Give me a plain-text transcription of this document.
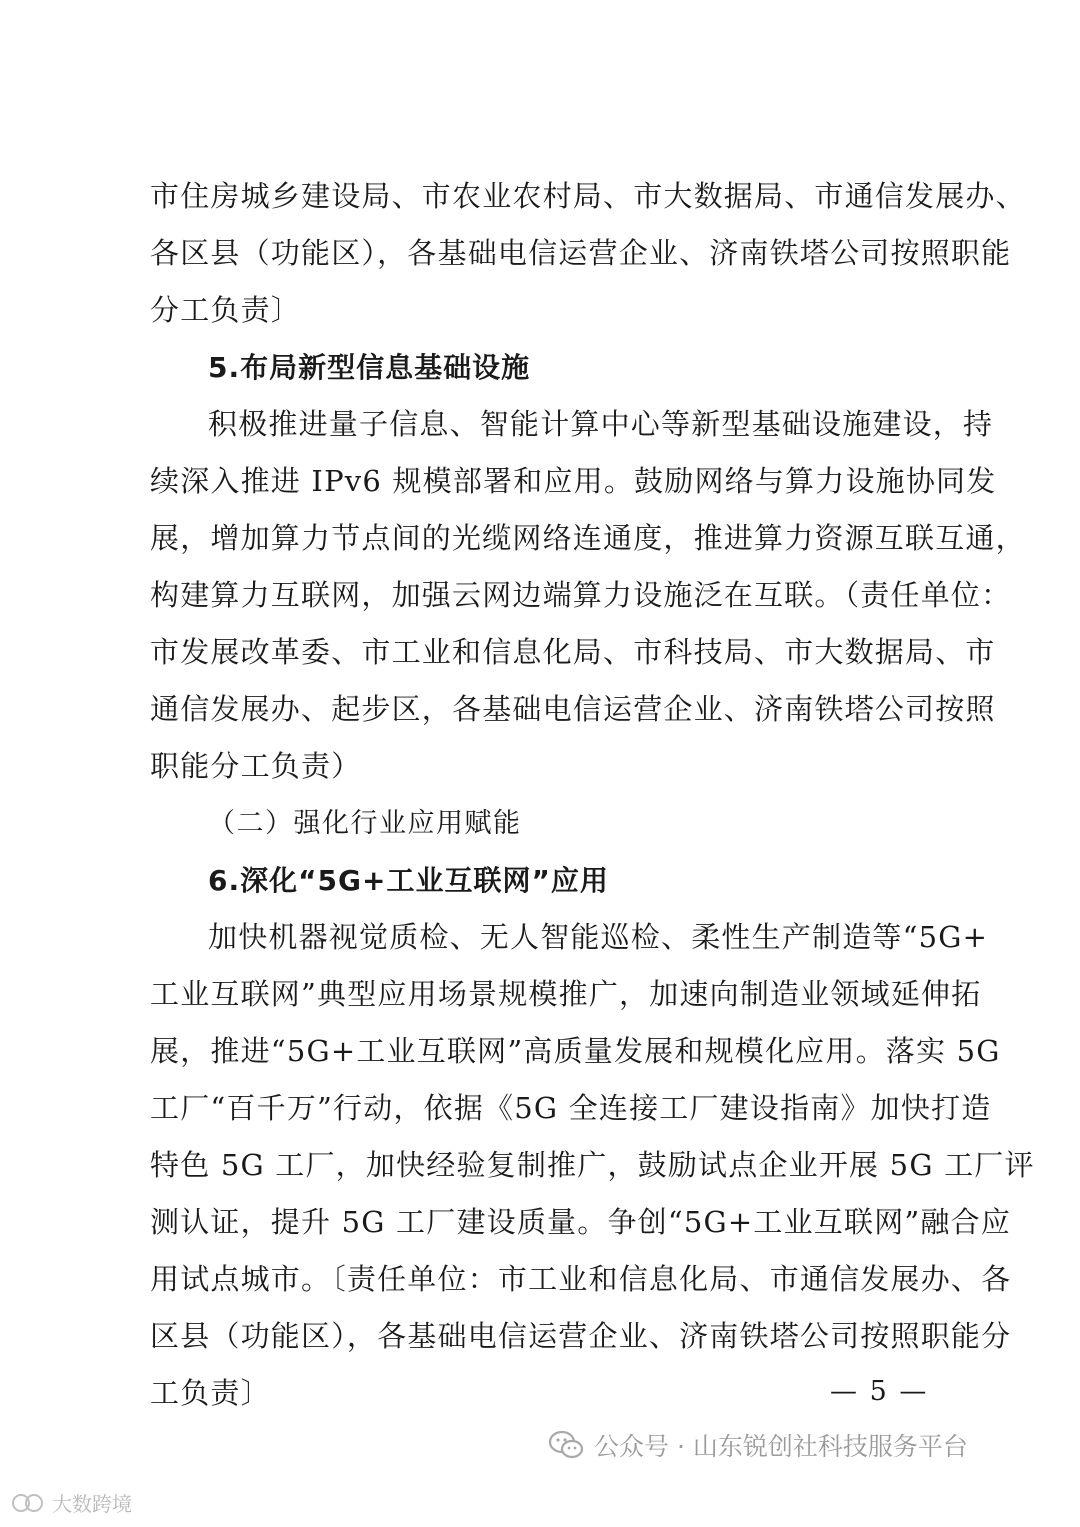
市住房城乡建设局、市农业农村局、市大数据局、市通信发展办、
各区县（功能区），各基础电信运营企业、济南铁塔公司按照职能
分工负责〕
5.布局新型信息基础设施
积极推进量子信息、智能计算中心等新型基础设施建设，持
续深入推进 IPv6 规模部署和应用。鼓励网络与算力设施协同发
展，增加算力节点间的光缆网络连通度，推进算力资源互联互通，
构建算力互联网，加强云网边端算力设施泛在互联。（责任单位：
市发展改革委、市工业和信息化局、市科技局、市大数据局、市
通信发展办、起步区，各基础电信运营企业、济南铁塔公司按照
职能分工负责）
（二）强化行业应用赋能
6.深化“5G+工业互联网”应用
加快机器视觉质检、无人智能巡检、柔性生产制造等“5G+
工业互联网”典型应用场景规模推广，加速向制造业领域延伸拓
展，推进“5G+工业互联网”高质量发展和规模化应用。落实 5G
工厂“百千万”行动，依据《5G 全连接工厂建设指南》加快打造
特色 5G 工厂，加快经验复制推广，鼓励试点企业开展 5G 工厂评
测认证，提升 5G 工厂建设质量。争创“5G+工业互联网”融合应
用试点城市。〔责任单位：市工业和信息化局、市通信发展办、各
区县（功能区），各基础电信运营企业、济南铁塔公司按照职能分
工负责〕	— 5 —
公众号 · 山东锐创社科技服务平台
大数跨境
